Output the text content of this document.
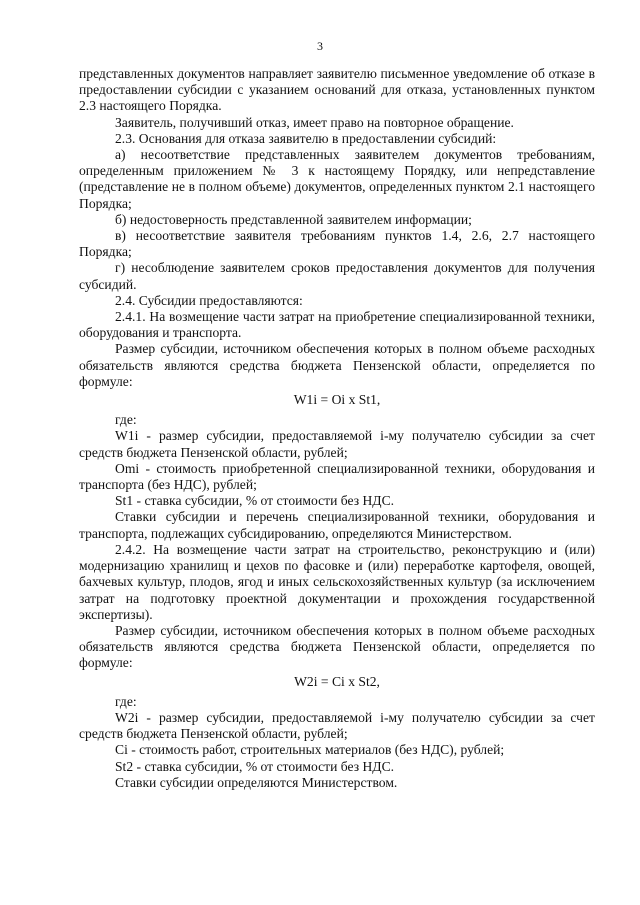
3

представленных документов направляет заявителю письменное уведомление об отказе в предоставлении субсидии с указанием оснований для отказа, установленных пунктом 2.3 настоящего Порядка.

Заявитель, получивший отказ, имеет право на повторное обращение.

2.3. Основания для отказа заявителю в предоставлении субсидий:

а) несоответствие представленных заявителем документов требованиям, определенным приложением № 3 к настоящему Порядку, или непредставление (представление не в полном объеме) документов, определенных пунктом 2.1 настоящего Порядка;

б) недостоверность представленной заявителем информации;

в) несоответствие заявителя требованиям пунктов 1.4, 2.6, 2.7 настоящего Порядка;

г) несоблюдение заявителем сроков предоставления документов для получения субсидий.

2.4. Субсидии предоставляются:

2.4.1. На возмещение части затрат на приобретение специализированной техники, оборудования и транспорта.

Размер субсидии, источником обеспечения которых в полном объеме расходных обязательств являются средства бюджета Пензенской области, определяется по формуле:

W1i = Oi x St1,

где:

W1i - размер субсидии, предоставляемой i-му получателю субсидии за счет средств бюджета Пензенской области, рублей;

Omi - стоимость приобретенной специализированной техники, оборудования и транспорта (без НДС), рублей;

St1 - ставка субсидии, % от стоимости без НДС.

Ставки субсидии и перечень специализированной техники, оборудования и транспорта, подлежащих субсидированию, определяются Министерством.

2.4.2. На возмещение части затрат на строительство, реконструкцию и (или) модернизацию хранилищ и цехов по фасовке и (или) переработке картофеля, овощей, бахчевых культур, плодов, ягод и иных сельскохозяйственных культур (за исключением затрат на подготовку проектной документации и прохождения государственной экспертизы).

Размер субсидии, источником обеспечения которых в полном объеме расходных обязательств являются средства бюджета Пензенской области, определяется по формуле:

W2i = Ci x St2,

где:

W2i - размер субсидии, предоставляемой i-му получателю субсидии за счет средств бюджета Пензенской области, рублей;

Ci - стоимость работ, строительных материалов (без НДС), рублей;

St2 - ставка субсидии, % от стоимости без НДС.

Ставки субсидии определяются Министерством.
